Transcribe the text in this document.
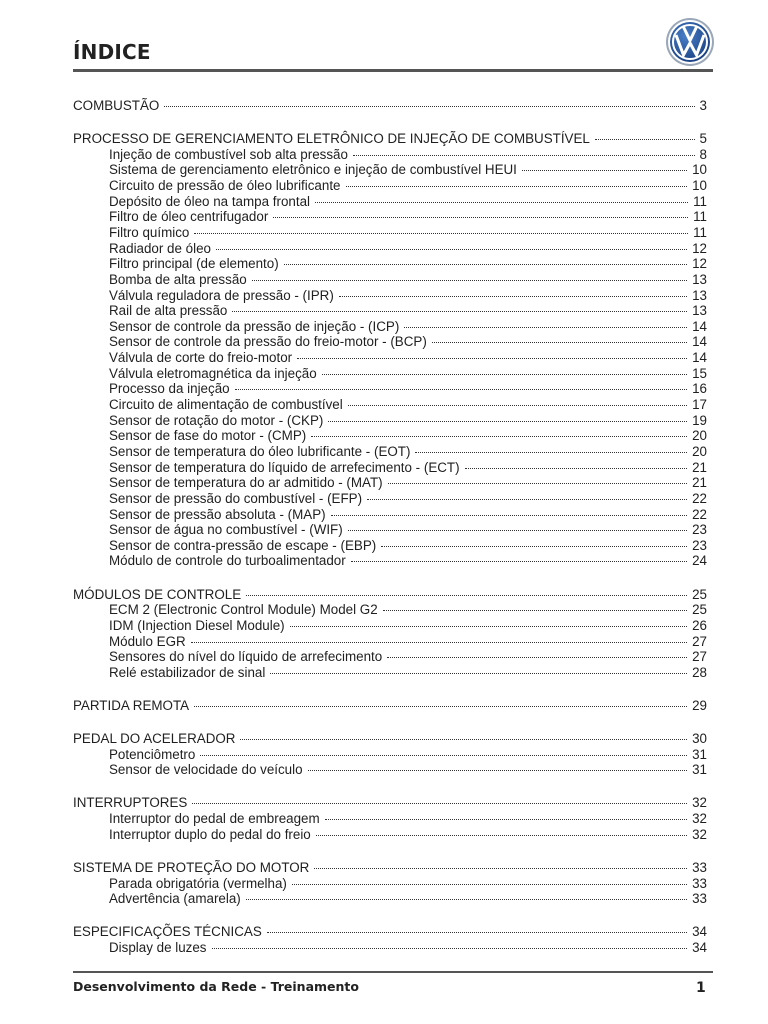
ÍNDICE
COMBUSTÃO	3
PROCESSO DE GERENCIAMENTO ELETRÔNICO DE INJEÇÃO DE COMBUSTÍVEL	5
Injeção de combustível sob alta pressão	8
Sistema de gerenciamento eletrônico e injeção de combustível HEUI	10
Circuito de pressão de óleo lubrificante	10
Depósito de óleo na tampa frontal	11
Filtro de óleo centrifugador	11
Filtro químico	11
Radiador de óleo	12
Filtro principal (de elemento)	12
Bomba de alta pressão	13
Válvula reguladora de pressão - (IPR)	13
Rail de alta pressão	13
Sensor de controle da pressão de injeção - (ICP)	14
Sensor de controle da pressão do freio-motor - (BCP)	14
Válvula de corte do freio-motor	14
Válvula eletromagnética da injeção	15
Processo da injeção	16
Circuito de alimentação de combustível	17
Sensor de rotação do motor - (CKP)	19
Sensor de fase do motor - (CMP)	20
Sensor de temperatura do óleo lubrificante - (EOT)	20
Sensor de temperatura do líquido de arrefecimento - (ECT)	21
Sensor de temperatura do ar admitido - (MAT)	21
Sensor de pressão do combustível - (EFP)	22
Sensor de pressão absoluta - (MAP)	22
Sensor de água no combustível - (WIF)	23
Sensor de contra-pressão de escape - (EBP)	23
Módulo de controle do turboalimentador	24
MÓDULOS DE CONTROLE	25
ECM 2 (Electronic Control Module) Model G2	25
IDM (Injection Diesel Module)	26
Módulo EGR	27
Sensores do nível do líquido de arrefecimento	27
Relé estabilizador de sinal	28
PARTIDA REMOTA	29
PEDAL DO ACELERADOR	30
Potenciômetro	31
Sensor de velocidade do veículo	31
INTERRUPTORES	32
Interruptor do pedal de embreagem	32
Interruptor duplo do pedal do freio	32
SISTEMA DE PROTEÇÃO DO MOTOR	33
Parada obrigatória (vermelha)	33
Advertência (amarela)	33
ESPECIFICAÇÕES TÉCNICAS	34
Display de luzes	34
Desenvolvimento da Rede - Treinamento	1
